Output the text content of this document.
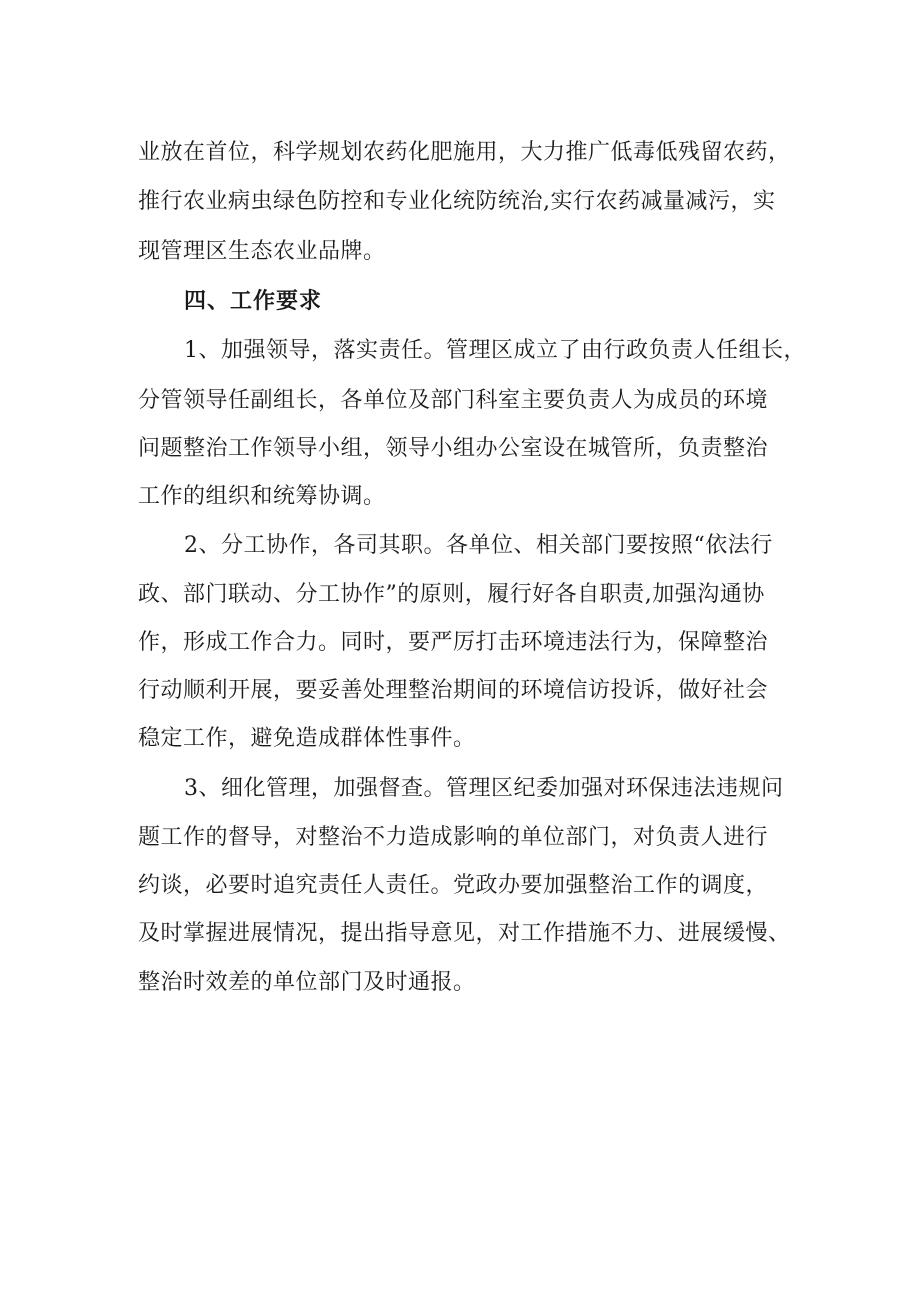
业放在首位，科学规划农药化肥施用，大力推广低毒低残留农药，
推行农业病虫绿色防控和专业化统防统治,实行农药减量减污，实
现管理区生态农业品牌。
四、工作要求
1、加强领导，落实责任。管理区成立了由行政负责人任组长，
分管领导任副组长，各单位及部门科室主要负责人为成员的环境
问题整治工作领导小组，领导小组办公室设在城管所，负责整治
工作的组织和统筹协调。
2、分工协作，各司其职。各单位、相关部门要按照“依法行
政、部门联动、分工协作”的原则，履行好各自职责,加强沟通协
作，形成工作合力。同时，要严厉打击环境违法行为，保障整治
行动顺利开展，要妥善处理整治期间的环境信访投诉，做好社会
稳定工作，避免造成群体性事件。
3、细化管理，加强督查。管理区纪委加强对环保违法违规问
题工作的督导，对整治不力造成影响的单位部门，对负责人进行
约谈，必要时追究责任人责任。党政办要加强整治工作的调度，
及时掌握进展情况，提出指导意见，对工作措施不力、进展缓慢、
整治时效差的单位部门及时通报。
